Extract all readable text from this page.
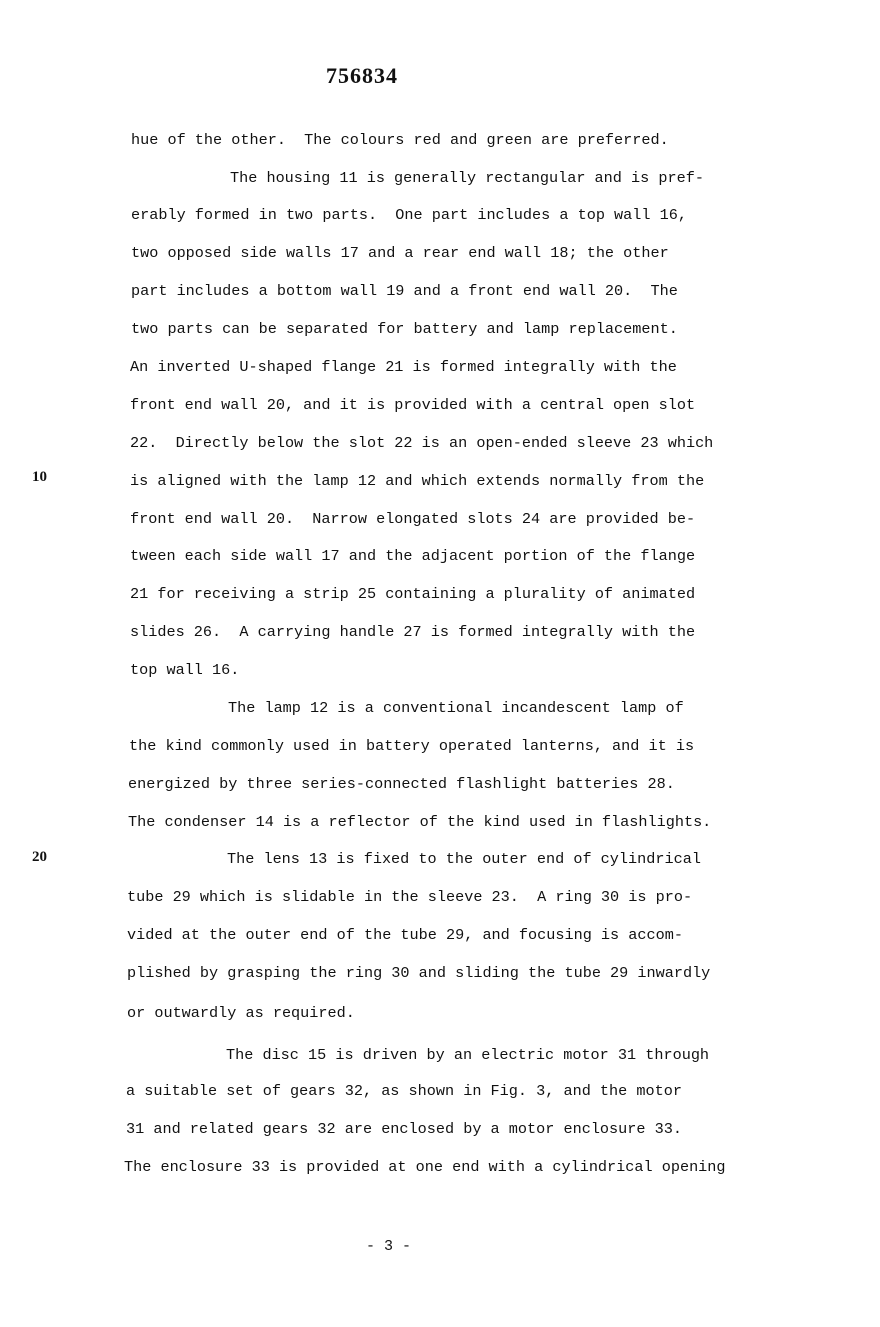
756834
10
20
hue of the other.  The colours red and green are preferred.
The housing 11 is generally rectangular and is pref-
erably formed in two parts.  One part includes a top wall 16,
two opposed side walls 17 and a rear end wall 18; the other
part includes a bottom wall 19 and a front end wall 20.  The
two parts can be separated for battery and lamp replacement.
An inverted U-shaped flange 21 is formed integrally with the
front end wall 20, and it is provided with a central open slot
22.  Directly below the slot 22 is an open-ended sleeve 23 which
is aligned with the lamp 12 and which extends normally from the
front end wall 20.  Narrow elongated slots 24 are provided be-
tween each side wall 17 and the adjacent portion of the flange
21 for receiving a strip 25 containing a plurality of animated
slides 26.  A carrying handle 27 is formed integrally with the
top wall 16.
The lamp 12 is a conventional incandescent lamp of
the kind commonly used in battery operated lanterns, and it is
energized by three series-connected flashlight batteries 28.
The condenser 14 is a reflector of the kind used in flashlights.
The lens 13 is fixed to the outer end of cylindrical
tube 29 which is slidable in the sleeve 23.  A ring 30 is pro-
vided at the outer end of the tube 29, and focusing is accom-
plished by grasping the ring 30 and sliding the tube 29 inwardly
or outwardly as required.
The disc 15 is driven by an electric motor 31 through
a suitable set of gears 32, as shown in Fig. 3, and the motor
31 and related gears 32 are enclosed by a motor enclosure 33.
The enclosure 33 is provided at one end with a cylindrical opening
- 3 -
